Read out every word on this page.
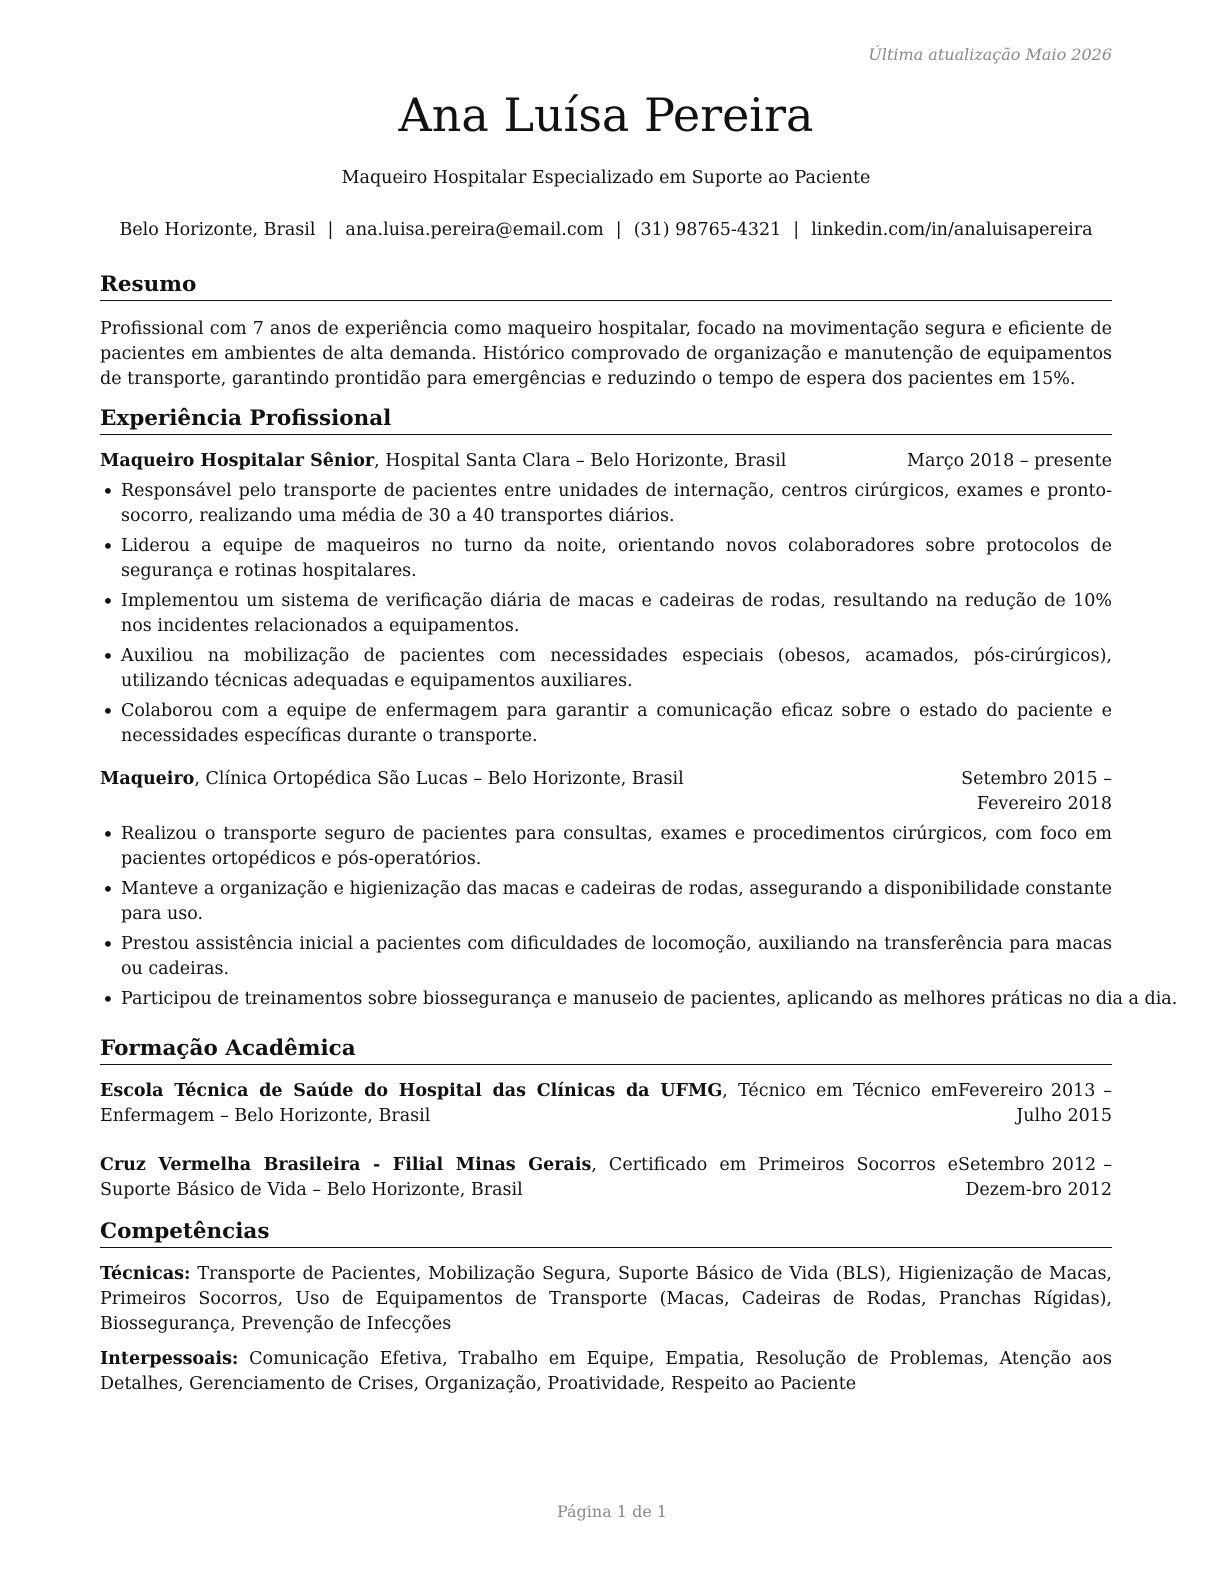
Última atualização Maio 2026
Ana Luísa Pereira
Maqueiro Hospitalar Especializado em Suporte ao Paciente
Belo Horizonte, Brasil | ana.luisa.pereira@email.com | (31) 98765-4321 | linkedin.com/in/analuisapereira
Resumo

Profissional com 7 anos de experiência como maqueiro hospitalar, focado na movimentação segura e eficiente de pacientes em ambientes de alta demanda. Histórico comprovado de organização e manutenção de equipamentos de transporte, garantindo prontidão para emergências e reduzindo o tempo de espera dos pacientes em 15%.

Experiência Profissional
Maqueiro Hospitalar Sênior, Hospital Santa Clara – Belo Horizonte, Brasil	Março 2018 – presente
• Responsável pelo transporte de pacientes entre unidades de internação, centros cirúrgicos, exames e pronto-socorro, realizando uma média de 30 a 40 transportes diários.
• Liderou a equipe de maqueiros no turno da noite, orientando novos colaboradores sobre protocolos de segurança e rotinas hospitalares.
• Implementou um sistema de verificação diária de macas e cadeiras de rodas, resultando na redução de 10% nos incidentes relacionados a equipamentos.
• Auxiliou na mobilização de pacientes com necessidades especiais (obesos, acamados, pós-cirúrgicos), utilizando técnicas adequadas e equipamentos auxiliares.
• Colaborou com a equipe de enfermagem para garantir a comunicação eficaz sobre o estado do paciente e necessidades específicas durante o transporte.
Maqueiro, Clínica Ortopédica São Lucas – Belo Horizonte, Brasil	Setembro 2015 – Fevereiro 2018
• Realizou o transporte seguro de pacientes para consultas, exames e procedimentos cirúrgicos, com foco em pacientes ortopédicos e pós-operatórios.
• Manteve a organização e higienização das macas e cadeiras de rodas, assegurando a disponibilidade constante para uso.
• Prestou assistência inicial a pacientes com dificuldades de locomoção, auxiliando na transferência para macas ou cadeiras.
• Participou de treinamentos sobre biossegurança e manuseio de pacientes, aplicando as melhores práticas no dia a dia.
Formação Acadêmica
Escola Técnica de Saúde do Hospital das Clínicas da UFMG, Técnico em Técnico em Enfermagem – Belo Horizonte, Brasil
Fevereiro 2013 – Julho 2015
Cruz Vermelha Brasileira - Filial Minas Gerais, Certificado em Primeiros Socorros e Suporte Básico de Vida – Belo Horizonte, Brasil
Setembro 2012 – Dezem-bro 2012
Competências

Técnicas: Transporte de Pacientes, Mobilização Segura, Suporte Básico de Vida (BLS), Higienização de Macas, Primeiros Socorros, Uso de Equipamentos de Transporte (Macas, Cadeiras de Rodas, Pranchas Rígidas), Biossegurança, Prevenção de Infecções

Interpessoais: Comunicação Efetiva, Trabalho em Equipe, Empatia, Resolução de Problemas, Atenção aos Detalhes, Gerenciamento de Crises, Organização, Proatividade, Respeito ao Paciente

Página 1 de 1
